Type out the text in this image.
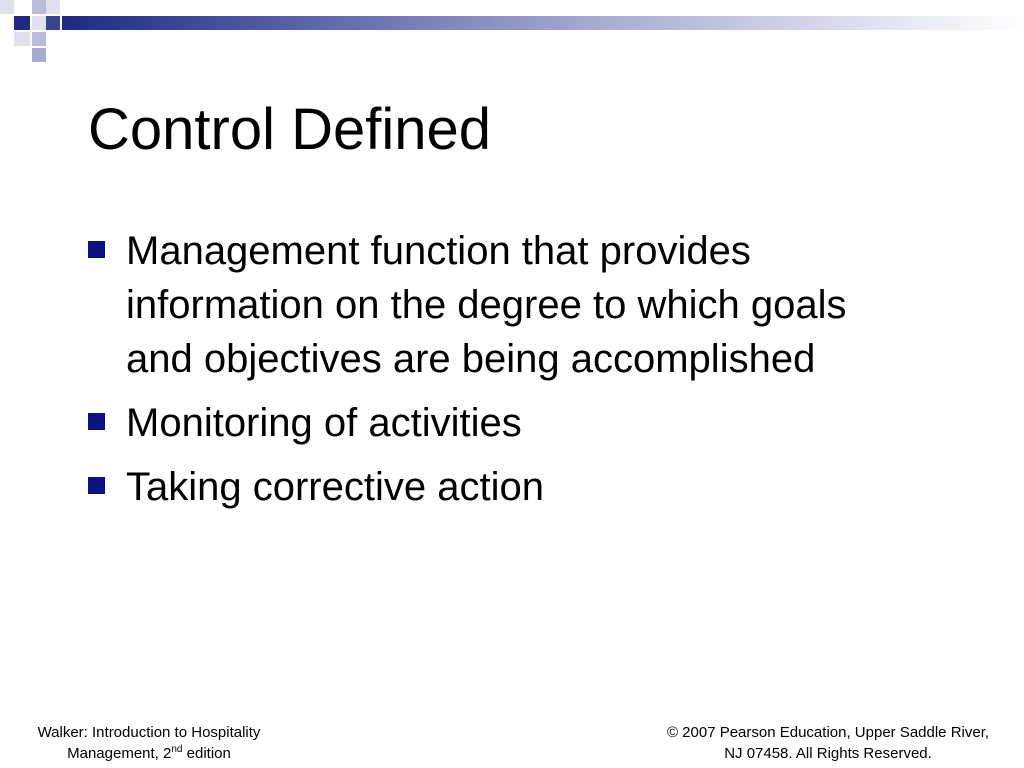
Control Defined
Management function that provides information on the degree to which goals and objectives are being accomplished
Monitoring of activities
Taking corrective action
Walker: Introduction to Hospitality
Management, 2nd edition
© 2007 Pearson Education, Upper Saddle River,
NJ 07458. All Rights Reserved.
